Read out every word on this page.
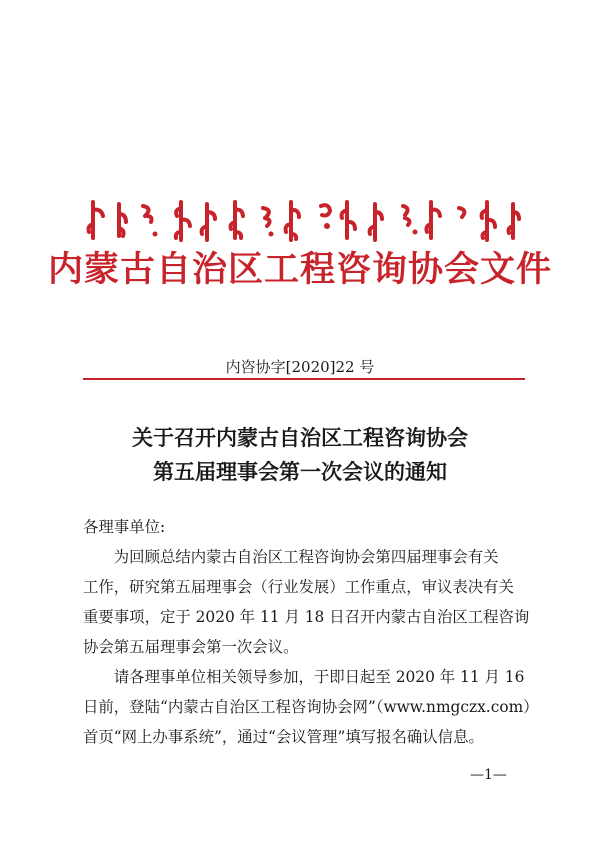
内蒙古自治区工程咨询协会文件
内咨协字[2020]22 号
关于召开内蒙古自治区工程咨询协会
第五届理事会第一次会议的通知
各理事单位:
　　为回顾总结内蒙古自治区工程咨询协会第四届理事会有关
工作，研究第五届理事会（行业发展）工作重点，审议表决有关
重要事项，定于 2020 年 11 月 18 日召开内蒙古自治区工程咨询
协会第五届理事会第一次会议。
　　请各理事单位相关领导参加，于即日起至 2020 年 11 月 16
日前，登陆“内蒙古自治区工程咨询协会网”（www.nmgczx.com）
首页“网上办事系统”，通过“会议管理”填写报名确认信息。
—1—
